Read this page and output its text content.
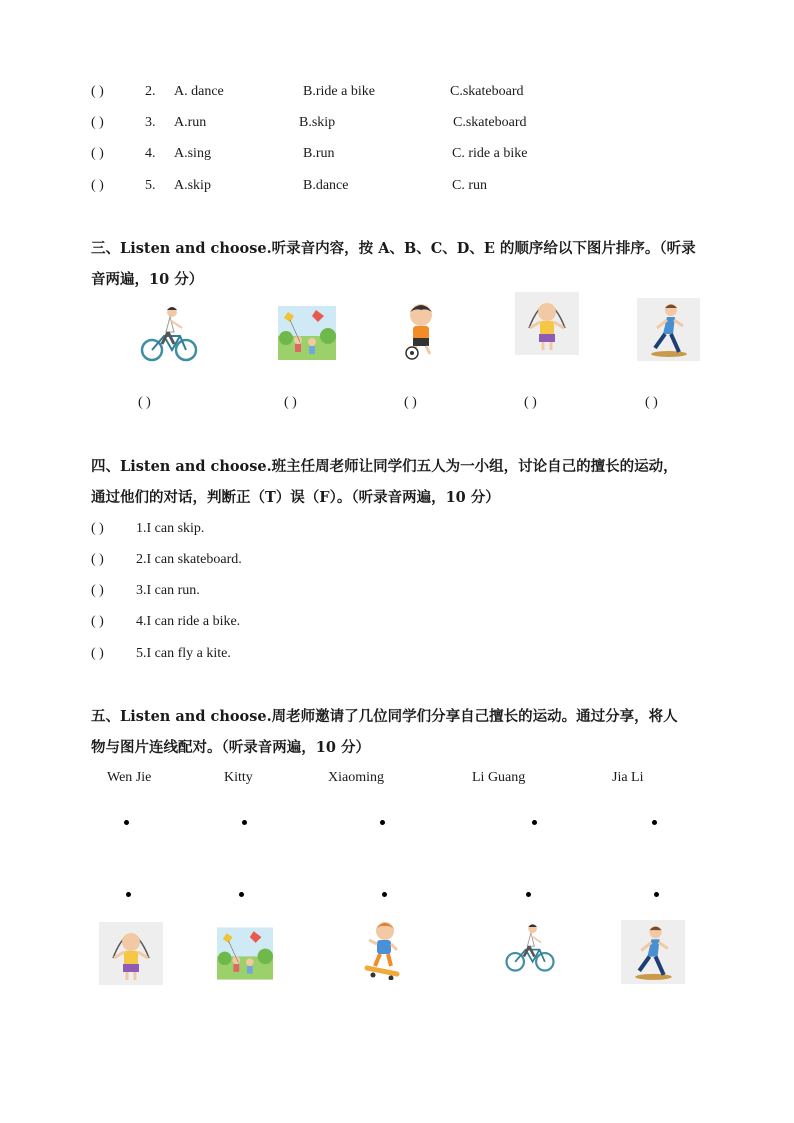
( )	2. A. dance	B.ride a bike	C.skateboard
( )	3. A.run	B.skip	C.skateboard
( )	4. A.sing	B.run	C. ride a bike
( )	5. A.skip	B.dance	C. run
三、Listen and choose.听录音内容，按 A、B、C、D、E 的顺序给以下图片排序。（听录
音两遍，10 分）
( )	( )	( )	( )	( )
四、Listen and choose.班主任周老师让同学们五人为一小组，讨论自己的擅长的运动，
通过他们的对话，判断正（T）误（F）。（听录音两遍，10 分）
( ) 1.I can skip.
( ) 2.I can skateboard.
( ) 3.I can run.
( ) 4.I can ride a bike.
( ) 5.I can fly a kite.
五、Listen and choose.周老师邀请了几位同学们分享自己擅长的运动。通过分享，将人
物与图片连线配对。（听录音两遍，10 分）
Wen Jie	Kitty	Xiaoming	Li Guang	Jia Li
